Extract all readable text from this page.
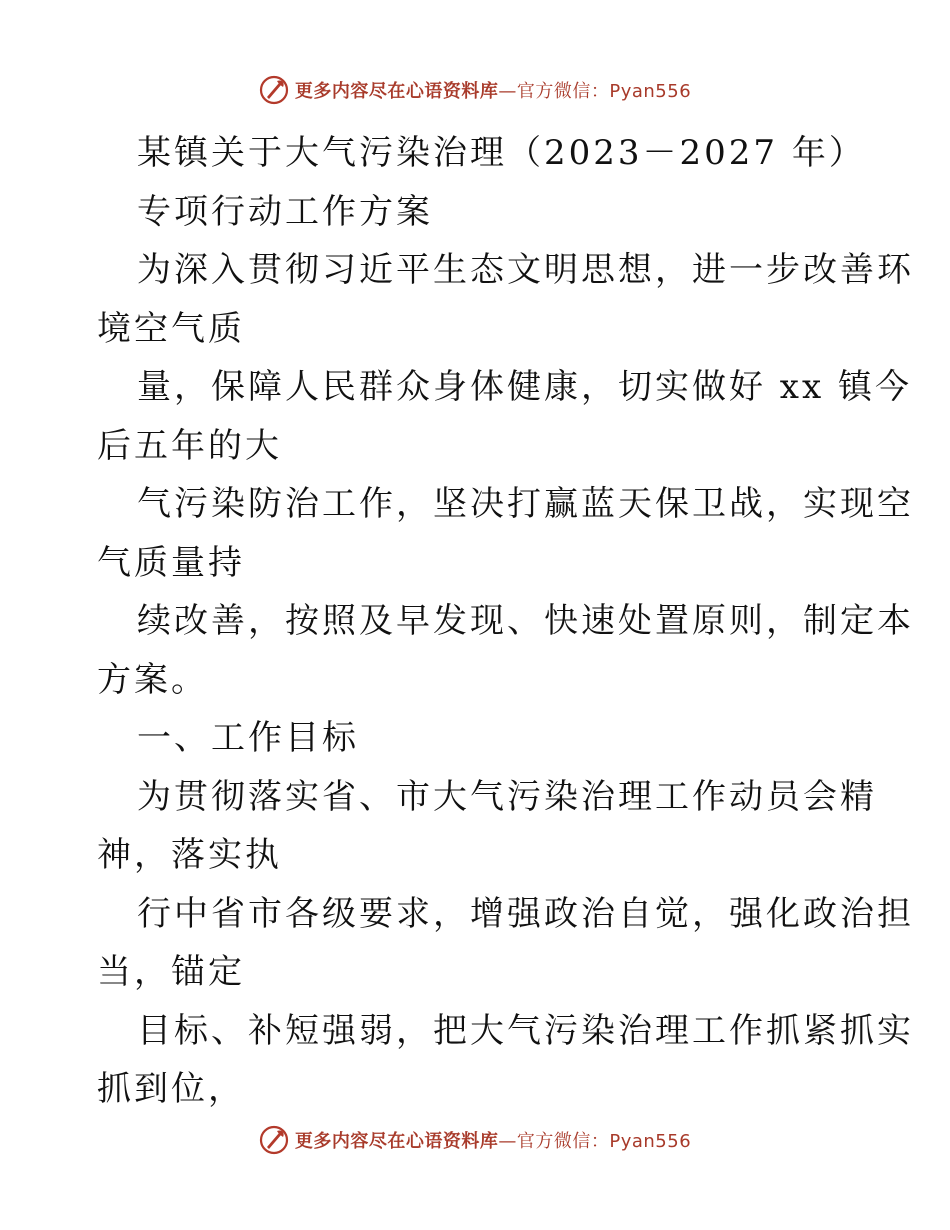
更多内容尽在心语资料库—官方微信：Pyan556
某镇关于大气污染治理（2023－2027 年）
专项行动工作方案
为深入贯彻习近平生态文明思想，进一步改善环
境空气质
量，保障人民群众身体健康，切实做好 xx 镇今
后五年的大
气污染防治工作，坚决打赢蓝天保卫战，实现空
气质量持
续改善，按照及早发现、快速处置原则，制定本
方案。
一、工作目标
为贯彻落实省、市大气污染治理工作动员会精
神，落实执
行中省市各级要求，增强政治自觉，强化政治担
当，锚定
目标、补短强弱，把大气污染治理工作抓紧抓实
抓到位，
更多内容尽在心语资料库—官方微信：Pyan556
